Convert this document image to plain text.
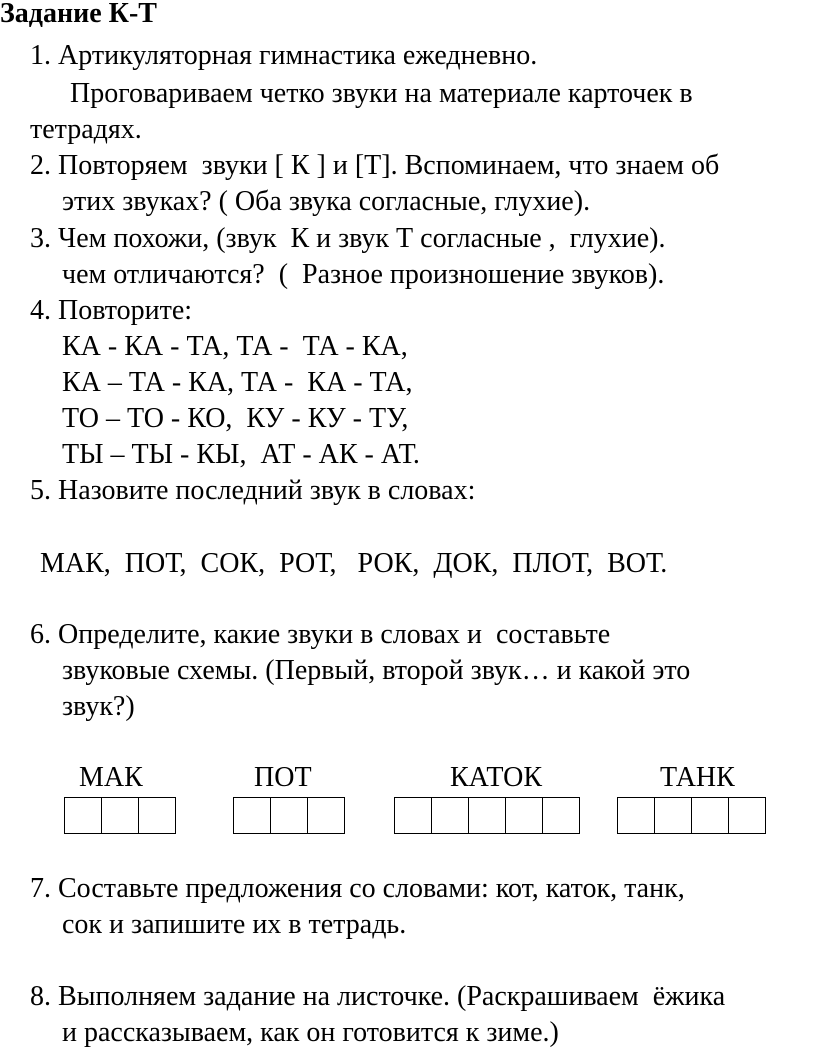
Задание К-Т
1. Артикуляторная гимнастика ежедневно.
Проговариваем четко звуки на материале карточек в
тетрадях.
2. Повторяем  звуки [ К ] и [Т]. Вспоминаем, что знаем об
этих звуках? ( Оба звука согласные, глухие).
3. Чем похожи, (звук  К и звук Т согласные ,  глухие).
чем отличаются?  (  Разное произношение звуков).
4. Повторите:
КА - КА - ТА, ТА -  ТА - КА,
КА – ТА - КА, ТА -  КА - ТА,
ТО – ТО - КО,  КУ - КУ - ТУ,
ТЫ – ТЫ - КЫ,  АТ - АК - АТ.
5. Назовите последний звук в словах:
МАК,  ПОТ,  СОК,  РОТ,   РОК,  ДОК,  ПЛОТ,  ВОТ.
6. Определите, какие звуки в словах и  составьте
звуковые схемы. (Первый, второй звук… и какой это
звук?)
МАК	ПОТ	КАТОК	ТАНК
7. Составьте предложения со словами: кот, каток, танк,
сок и запишите их в тетрадь.
8. Выполняем задание на листочке. (Раскрашиваем  ёжика
и рассказываем, как он готовится к зиме.)
